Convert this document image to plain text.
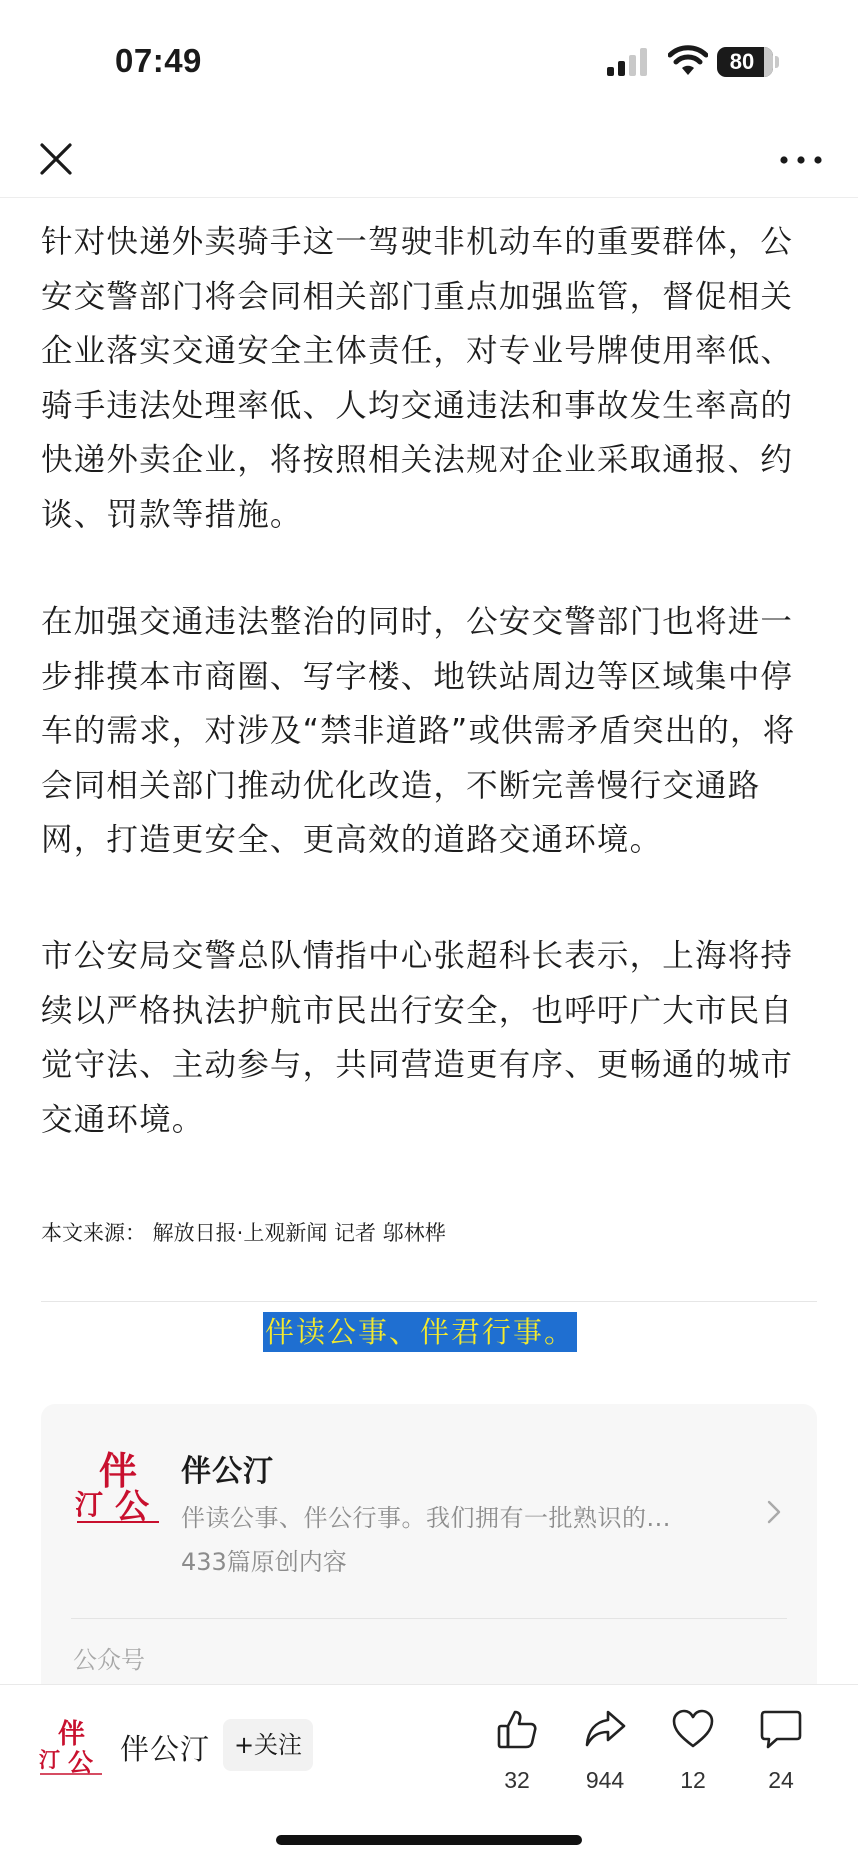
07:49	80

针对快递外卖骑手这一驾驶非机动车的重要群体，公安交警部门将会同相关部门重点加强监管，督促相关企业落实交通安全主体责任，对专业号牌使用率低、骑手违法处理率低、人均交通违法和事故发生率高的快递外卖企业，将按照相关法规对企业采取通报、约谈、罚款等措施。

在加强交通违法整治的同时，公安交警部门也将进一步排摸本市商圈、写字楼、地铁站周边等区域集中停车的需求，对涉及“禁非道路”或供需矛盾突出的，将会同相关部门推动优化改造，不断完善慢行交通路网，打造更安全、更高效的道路交通环境。

市公安局交警总队情指中心张超科长表示，上海将持续以严格执法护航市民出行安全，也呼吁广大市民自觉守法、主动参与，共同营造更有序、更畅通的城市交通环境。

本文来源： 解放日报·上观新闻 记者 邬林桦
伴读公事、伴君行事。
伴
汀 公
伴公汀
伴读公事、伴公行事。我们拥有一批熟识的...
433篇原创内容
公众号
伴
汀 公 伴公汀 +关注
32	944	12	24
